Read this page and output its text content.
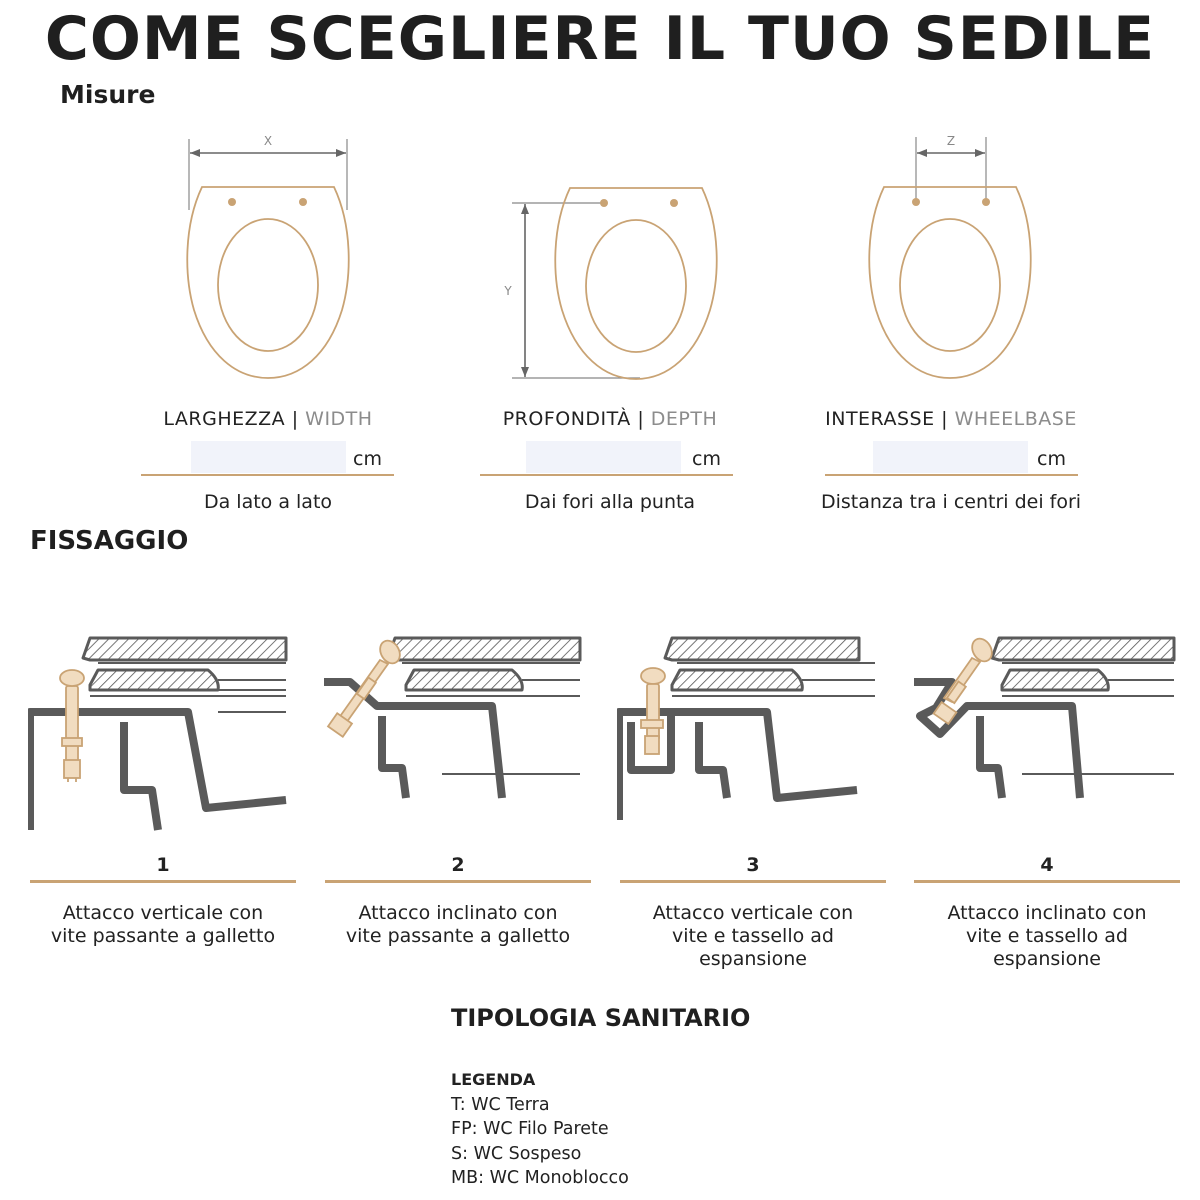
COME SCEGLIERE IL TUO SEDILE
Misure
X
Y
Z
LARGHEZZA | WIDTH
cm
Da lato a lato
PROFONDITÀ | DEPTH
cm
Dai fori alla punta
INTERASSE | WHEELBASE
cm
Distanza tra i centri dei fori
FISSAGGIO
1
Attacco verticale con
vite passante a galletto
2
Attacco inclinato con
vite passante a galletto
3
Attacco verticale con
vite e tassello ad
espansione
4
Attacco inclinato con
vite e tassello ad
espansione
TIPOLOGIA SANITARIO
LEGENDA
T: WC Terra
FP: WC Filo Parete
S: WC Sospeso
MB: WC Monoblocco
